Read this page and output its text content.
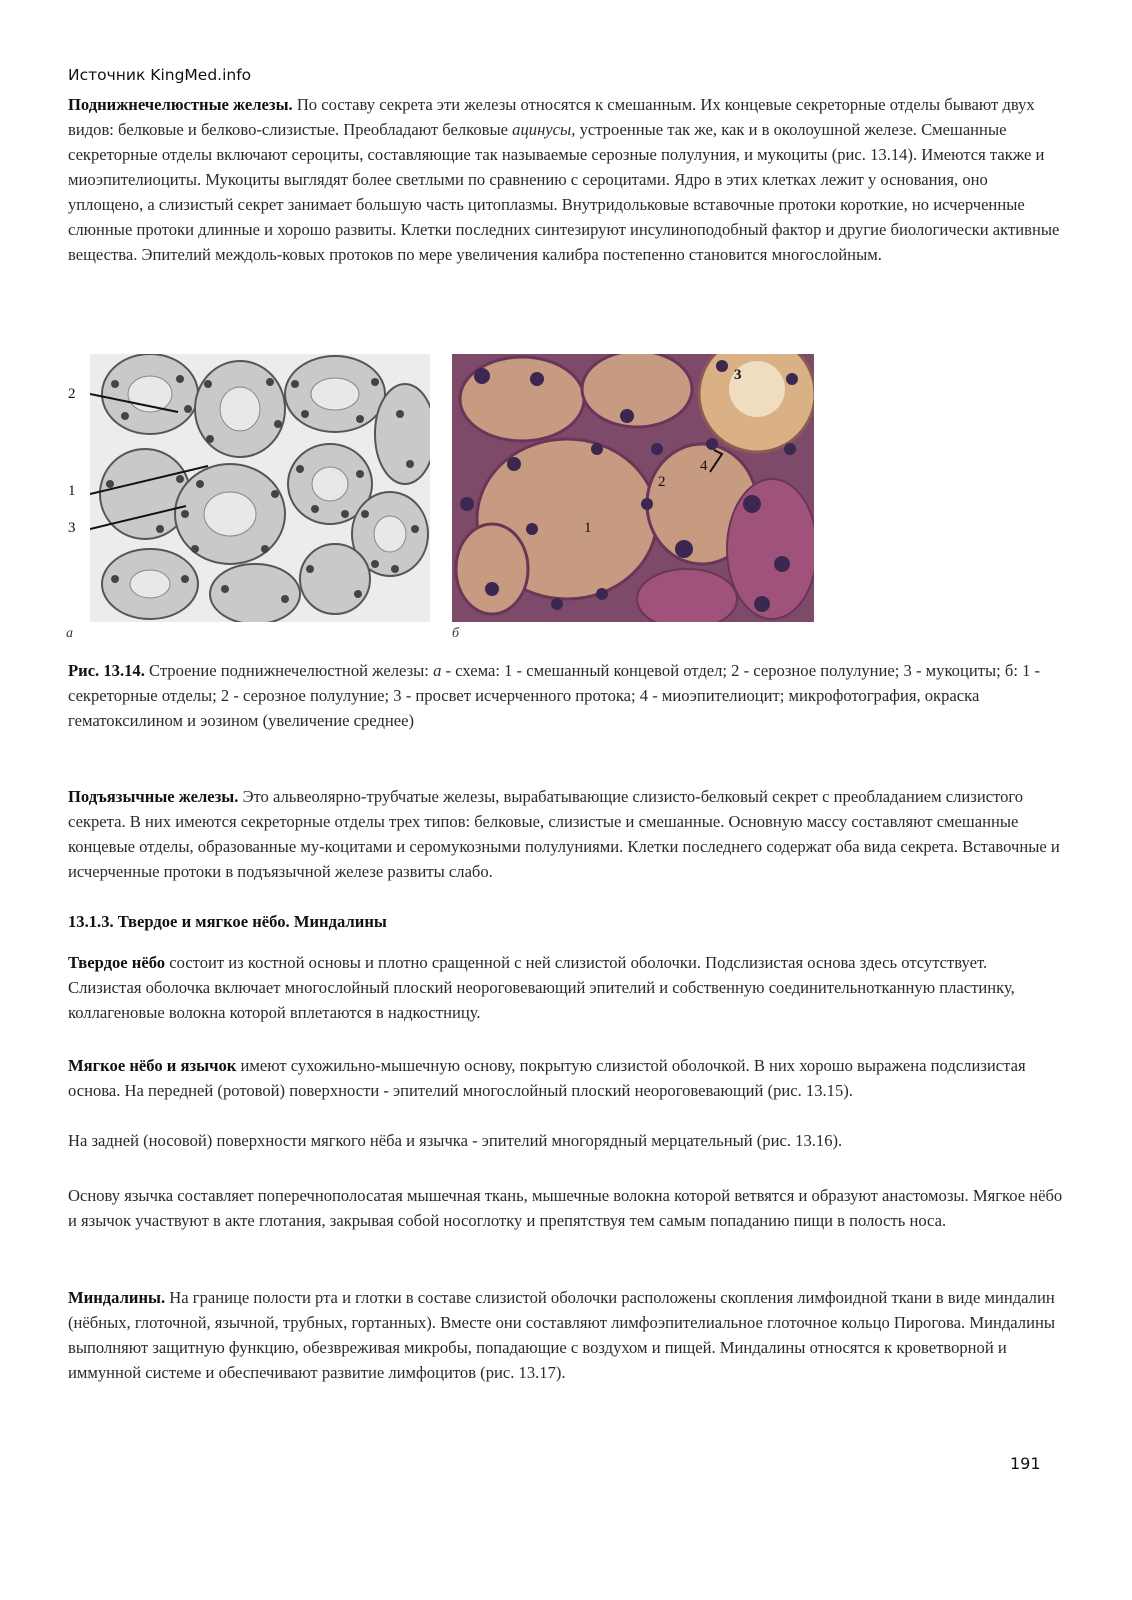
Источник KingMed.info

Поднижнечелюстные железы. По составу секрета эти железы относятся к смешанным. Их концевые секреторные отделы бывают двух видов: белковые и белково-слизистые. Преобладают белковые ацинусы, устроенные так же, как и в околоушной железе. Смешанные секреторные отделы включают сероциты, составляющие так называемые серозные полулуния, и мукоциты (рис. 13.14). Имеются также и миоэпителиоциты. Мукоциты выглядят более светлыми по сравнению с сероцитами. Ядро в этих клетках лежит у основания, оно уплощено, а слизистый секрет занимает большую часть цитоплазмы. Внутридольковые вставочные протоки короткие, но исчерченные слюнные протоки длинные и хорошо развиты. Клетки последних синтезируют инсулиноподобный фактор и другие биологически активные вещества. Эпителий междоль-ковых протоков по мере увеличения калибра постепенно становится многослойным.

2
1
3
а
3
4
2
1
б

Рис. 13.14. Строение поднижнечелюстной железы: а - схема: 1 - смешанный концевой отдел; 2 - серозное полулуние; 3 - мукоциты; б: 1 - секреторные отделы; 2 - серозное полулуние; 3 - просвет исчерченного протока; 4 - миоэпителиоцит; микрофотография, окраска гематоксилином и эозином (увеличение среднее)

Подъязычные железы. Это альвеолярно-трубчатые железы, вырабатывающие слизисто-белковый секрет с преобладанием слизистого секрета. В них имеются секреторные отделы трех типов: белковые, слизистые и смешанные. Основную массу составляют смешанные концевые отделы, образованные му-коцитами и серомукозными полулуниями. Клетки последнего содержат оба вида секрета. Вставочные и исчерченные протоки в подъязычной железе развиты слабо.

13.1.3. Твердое и мягкое нёбо. Миндалины

Твердое нёбо состоит из костной основы и плотно сращенной с ней слизистой оболочки. Подслизистая основа здесь отсутствует. Слизистая оболочка включает многослойный плоский неороговевающий эпителий и собственную соединительнотканную пластинку, коллагеновые волокна которой вплетаются в надкостницу.

Мягкое нёбо и язычок имеют сухожильно-мышечную основу, покрытую слизистой оболочкой. В них хорошо выражена подслизистая основа. На передней (ротовой) поверхности - эпителий многослойный плоский неороговевающий (рис. 13.15).

На задней (носовой) поверхности мягкого нёба и язычка - эпителий многорядный мерцательный (рис. 13.16).

Основу язычка составляет поперечнополосатая мышечная ткань, мышечные волокна которой ветвятся и образуют анастомозы. Мягкое нёбо и язычок участвуют в акте глотания, закрывая собой носоглотку и препятствуя тем самым попаданию пищи в полость носа.

Миндалины. На границе полости рта и глотки в составе слизистой оболочки расположены скопления лимфоидной ткани в виде миндалин (нёбных, глоточной, язычной, трубных, гортанных). Вместе они составляют лимфоэпителиальное глоточное кольцо Пирогова. Миндалины выполняют защитную функцию, обезвреживая микробы, попадающие с воздухом и пищей. Миндалины относятся к кроветворной и иммунной системе и обеспечивают развитие лимфоцитов (рис. 13.17).

191
